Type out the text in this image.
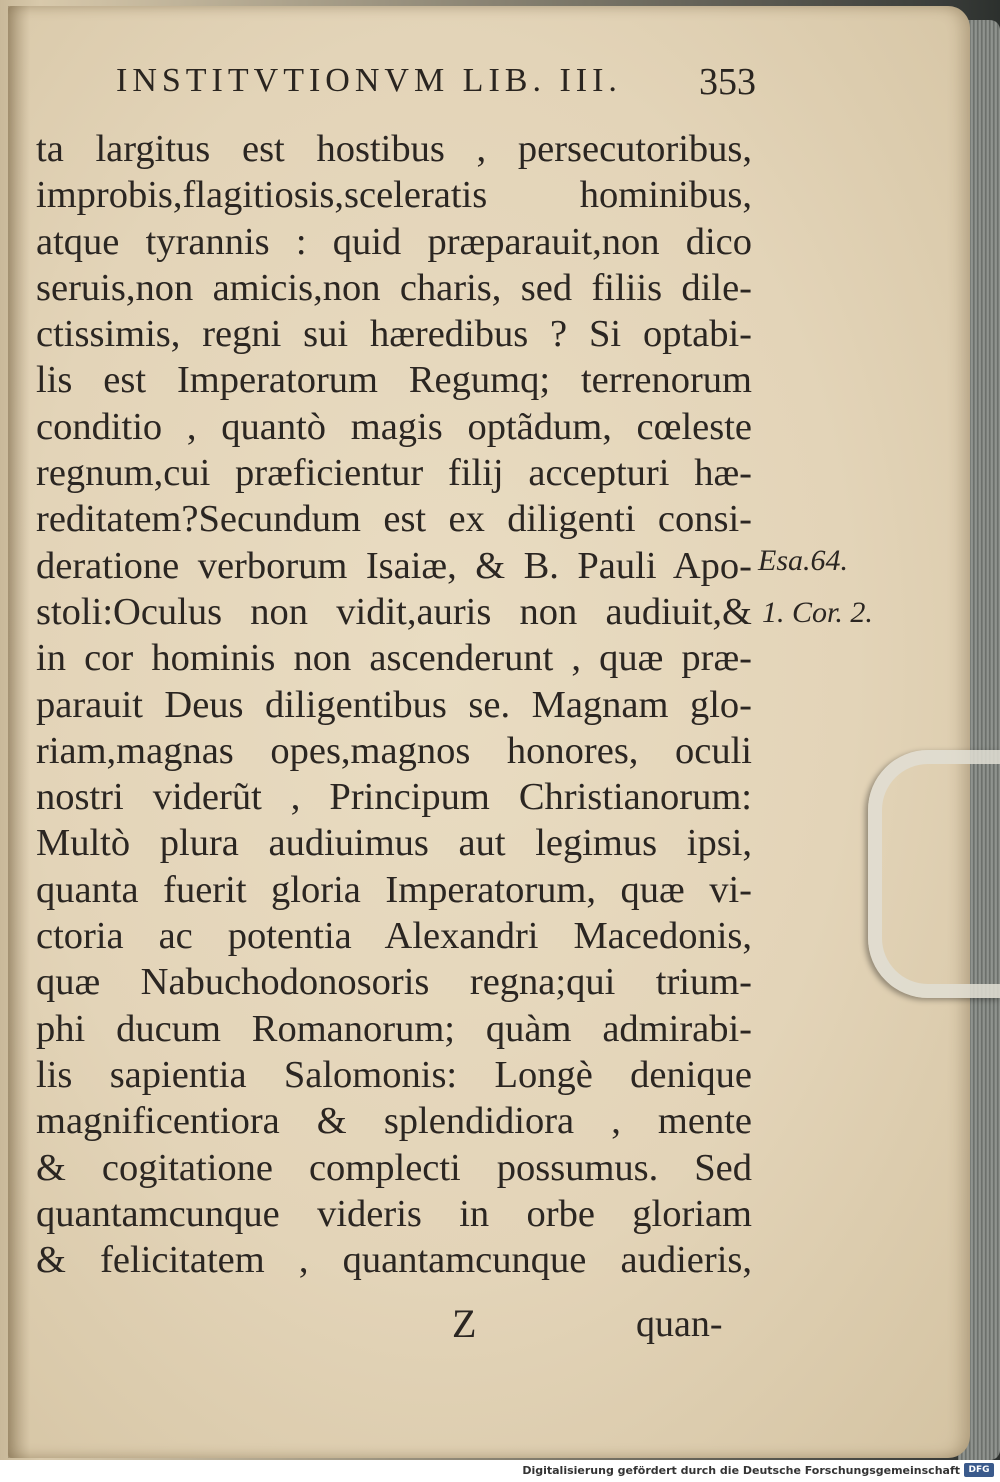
INSTITVTIONVM LIB. III. 353
ta largitus est hostibus , persecutoribus,
improbis,flagitiosis,sceleratis hominibus,
atque tyrannis : quid præparauit,non dico
seruis,non amicis,non charis, sed filiis dile-
ctissimis, regni sui hæredibus ? Si optabi-
lis est Imperatorum Regumq; terrenorum
conditio , quantò magis optãdum, cœleste
regnum,cui præficientur filij accepturi hæ-
reditatem?Secundum est ex diligenti consi-
deratione verborum Isaiæ, & B. Pauli Apo-
stoli:Oculus non vidit,auris non audiuit,&
in cor hominis non ascenderunt , quæ præ-
parauit Deus diligentibus se. Magnam glo-
riam,magnas opes,magnos honores, oculi
nostri viderũt , Principum Christianorum:
Multò plura audiuimus aut legimus ipsi,
quanta fuerit gloria Imperatorum, quæ vi-
ctoria ac potentia Alexandri Macedonis,
quæ Nabuchodonosoris regna;qui trium-
phi ducum Romanorum; quàm admirabi-
lis sapientia Salomonis: Longè denique
magnificentiora & splendidiora , mente
& cogitatione complecti possumus. Sed
quantamcunque videris in orbe gloriam
& felicitatem , quantamcunque audieris,
Esa.64.
1. Cor. 2.
Z	quan-
Digitalisierung gefördert durch die Deutsche Forschungsgemeinschaft DFG
